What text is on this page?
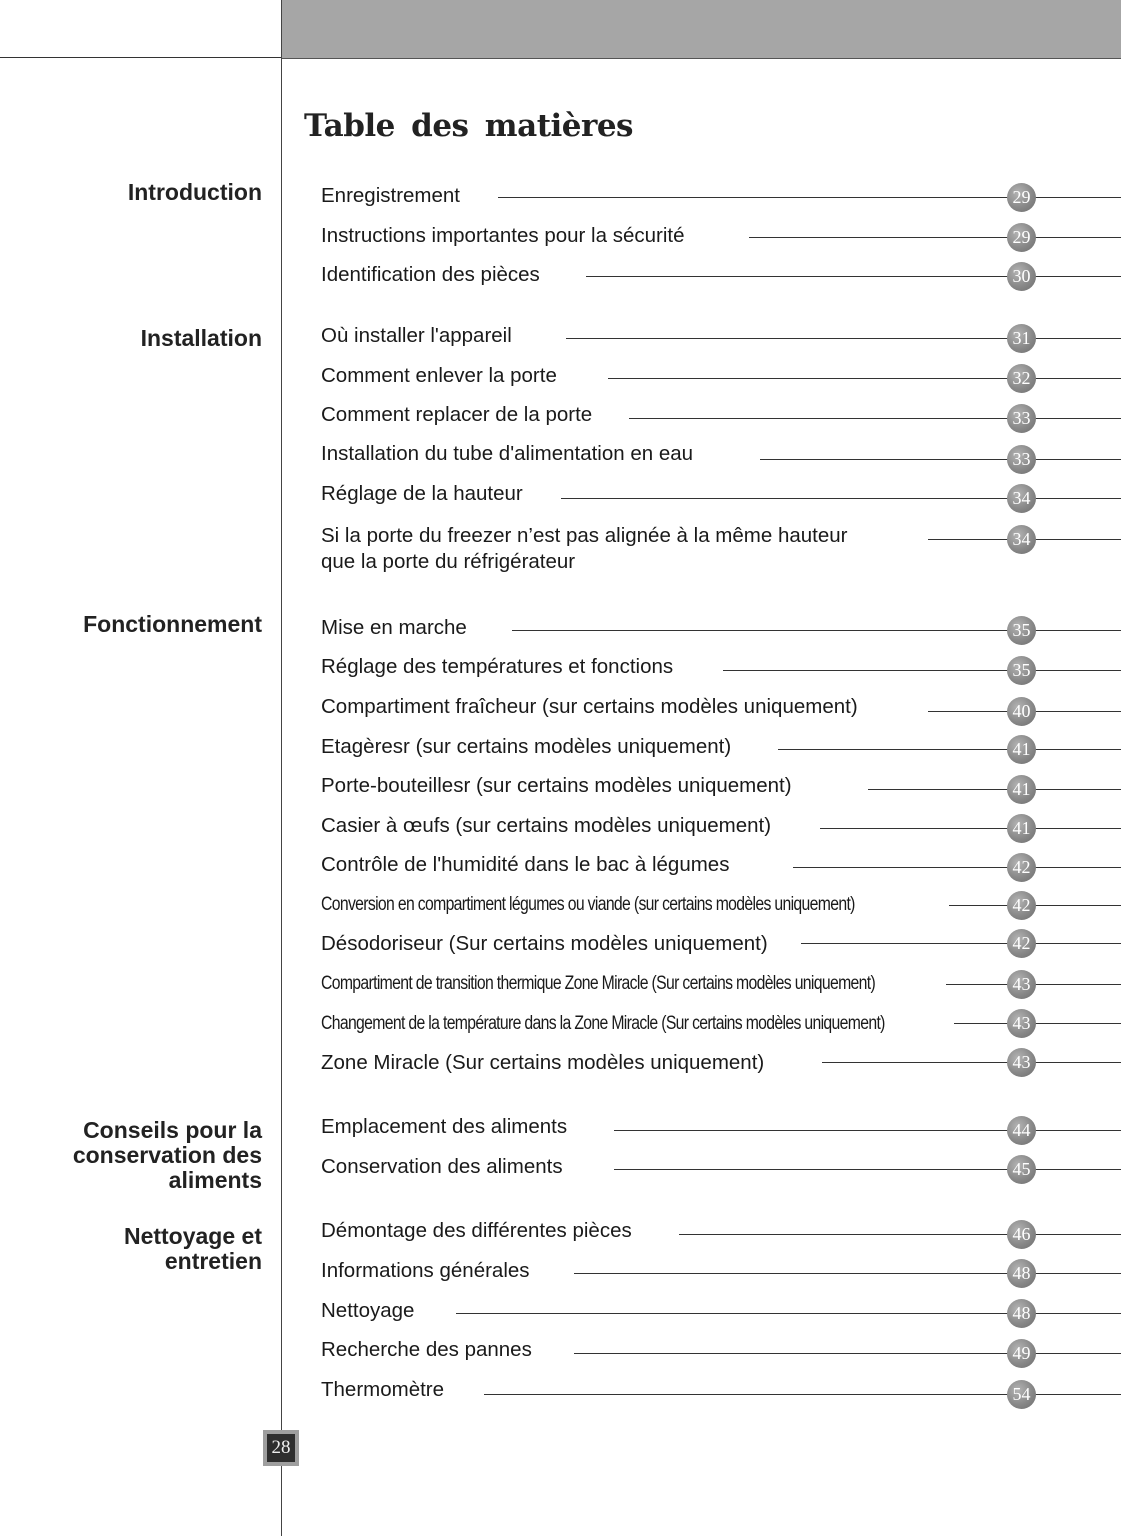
Table des matières
Introduction	Enregistrement	29
Instructions importantes pour la sécurité	29
Identification des pièces	30
Installation	Où installer l'appareil	31
Comment enlever la porte	32
Comment replacer de la porte	33
Installation du tube d'alimentation en eau	33
Réglage de la hauteur	34
Si la porte du freezer n’est pas alignée à la même hauteur
que la porte du réfrigérateur
34
Fonctionnement	Mise en marche	35
Réglage des températures et fonctions	35
Compartiment fraîcheur (sur certains modèles uniquement)	40
Etagèresr (sur certains modèles uniquement)	41
Porte-bouteillesr (sur certains modèles uniquement)	41
Casier à œufs (sur certains modèles uniquement)	41
Contrôle de l'humidité dans le bac à légumes	42
Conversion en compartiment légumes ou viande (sur certains modèles uniquement)	42
Désodoriseur (Sur certains modèles uniquement)	42
Compartiment de transition thermique Zone Miracle (Sur certains modèles uniquement)	43
Changement de la température dans la Zone Miracle (Sur certains modèles uniquement)	43
Zone Miracle (Sur certains modèles uniquement)	43
Conseils pour la
conservation des
aliments
Emplacement des aliments	44
Conservation des aliments	45
Nettoyage et
entretien
Démontage des différentes pièces	46
Informations générales	48
Nettoyage	48
Recherche des pannes	49
Thermomètre	54
28
